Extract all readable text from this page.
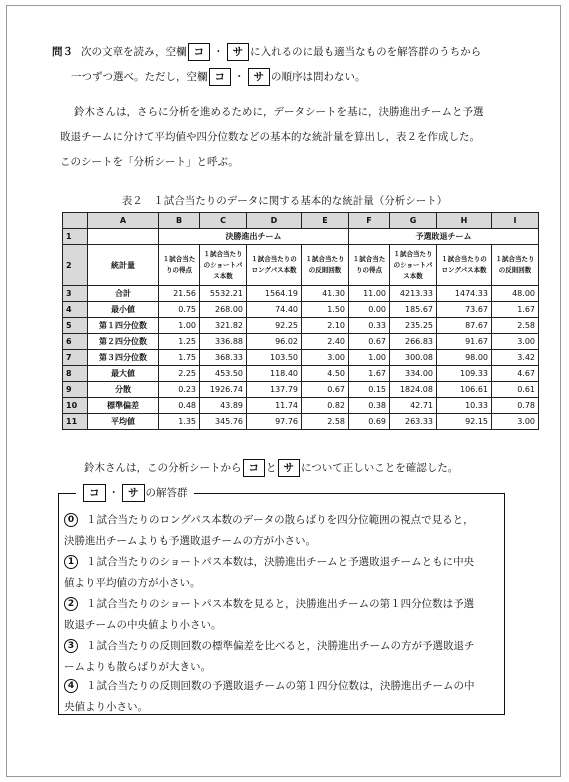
問３ 次の文章を読み，空欄 コ ・ サ に入れるのに最も適当なものを解答群のうちから
一つずつ選べ。ただし，空欄 コ ・ サ の順序は問わない。
鈴木さんは，さらに分析を進めるために，データシートを基に，決勝進出チームと予選
敗退チームに分けて平均値や四分位数などの基本的な統計量を算出し，表２を作成した。
このシートを「分析シート」と呼ぶ。
表２　１試合当たりのデータに関する基本的な統計量（分析シート）
	A	B	C	D	E	F	G	H	I
1		決勝進出チーム				予選敗退チーム			
2	統計量	１試合当たりの得点	１試合当たりのショートパス本数	１試合当たりのロングパス本数	１試合当たりの反則回数	１試合当たりの得点	１試合当たりのショートパス本数	１試合当たりのロングパス本数	１試合当たりの反則回数
3	合計	21.56	5532.21	1564.19	41.30	11.00	4213.33	1474.33	48.00
4	最小値	0.75	268.00	74.40	1.50	0.00	185.67	73.67	1.67
5	第１四分位数	1.00	321.82	92.25	2.10	0.33	235.25	87.67	2.58
6	第２四分位数	1.25	336.88	96.02	2.40	0.67	266.83	91.67	3.00
7	第３四分位数	1.75	368.33	103.50	3.00	1.00	300.08	98.00	3.42
8	最大値	2.25	453.50	118.40	4.50	1.67	334.00	109.33	4.67
9	分散	0.23	1926.74	137.79	0.67	0.15	1824.08	106.61	0.61
10	標準偏差	0.48	43.89	11.74	0.82	0.38	42.71	10.33	0.78
11	平均値	1.35	345.76	97.76	2.58	0.69	263.33	92.15	3.00
鈴木さんは，この分析シートから コ と サ について正しいことを確認した。
コ ・ サ の解答群
0 １試合当たりのロングパス本数のデータの散らばりを四分位範囲の視点で見ると，
決勝進出チームよりも予選敗退チームの方が小さい。
1 １試合当たりのショートパス本数は，決勝進出チームと予選敗退チームともに中央
値より平均値の方が小さい。
2 １試合当たりのショートパス本数を見ると，決勝進出チームの第１四分位数は予選
敗退チームの中央値より小さい。
3 １試合当たりの反則回数の標準偏差を比べると，決勝進出チームの方が予選敗退チ
ームよりも散らばりが大きい。
4 １試合当たりの反則回数の予選敗退チームの第１四分位数は，決勝進出チームの中
央値より小さい。
